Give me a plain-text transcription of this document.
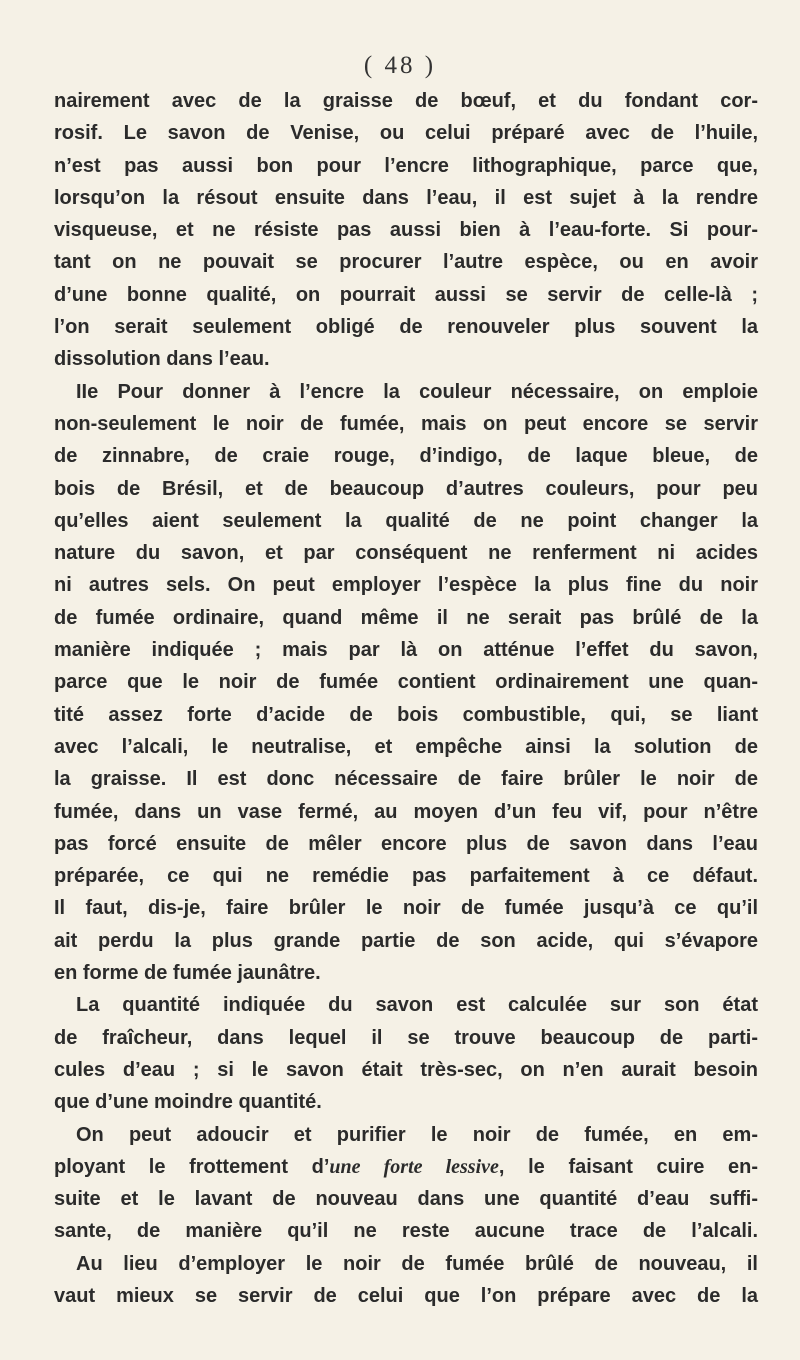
( 48 )
nairement avec de la graisse de bœuf, et du fondant cor-
rosif. Le savon de Venise, ou celui préparé avec de l’huile,
n’est pas aussi bon pour l’encre lithographique, parce que,
lorsqu’on la résout ensuite dans l’eau, il est sujet à la rendre
visqueuse, et ne résiste pas aussi bien à l’eau-forte. Si pour-
tant on ne pouvait se procurer l’autre espèce, ou en avoir
d’une bonne qualité, on pourrait aussi se servir de celle-là ;
l’on serait seulement obligé de renouveler plus souvent la
dissolution dans l’eau.
IIe Pour donner à l’encre la couleur nécessaire, on emploie
non-seulement le noir de fumée, mais on peut encore se servir
de zinnabre, de craie rouge, d’indigo, de laque bleue, de
bois de Brésil, et de beaucoup d’autres couleurs, pour peu
qu’elles aient seulement la qualité de ne point changer la
nature du savon, et par conséquent ne renferment ni acides
ni autres sels. On peut employer l’espèce la plus fine du noir
de fumée ordinaire, quand même il ne serait pas brûlé de la
manière indiquée ; mais par là on atténue l’effet du savon,
parce que le noir de fumée contient ordinairement une quan-
tité assez forte d’acide de bois combustible, qui, se liant
avec l’alcali, le neutralise, et empêche ainsi la solution de
la graisse. Il est donc nécessaire de faire brûler le noir de
fumée, dans un vase fermé, au moyen d’un feu vif, pour n’être
pas forcé ensuite de mêler encore plus de savon dans l’eau
préparée, ce qui ne remédie pas parfaitement à ce défaut.
Il faut, dis-je, faire brûler le noir de fumée jusqu’à ce qu’il
ait perdu la plus grande partie de son acide, qui s’évapore
en forme de fumée jaunâtre.
La quantité indiquée du savon est calculée sur son état
de fraîcheur, dans lequel il se trouve beaucoup de parti-
cules d’eau ; si le savon était très-sec, on n’en aurait besoin
que d’une moindre quantité.
On peut adoucir et purifier le noir de fumée, en em-
ployant le frottement d’une forte lessive, le faisant cuire en-
suite et le lavant de nouveau dans une quantité d’eau suffi-
sante, de manière qu’il ne reste aucune trace de l’alcali.
Au lieu d’employer le noir de fumée brûlé de nouveau, il
vaut mieux se servir de celui que l’on prépare avec de la
